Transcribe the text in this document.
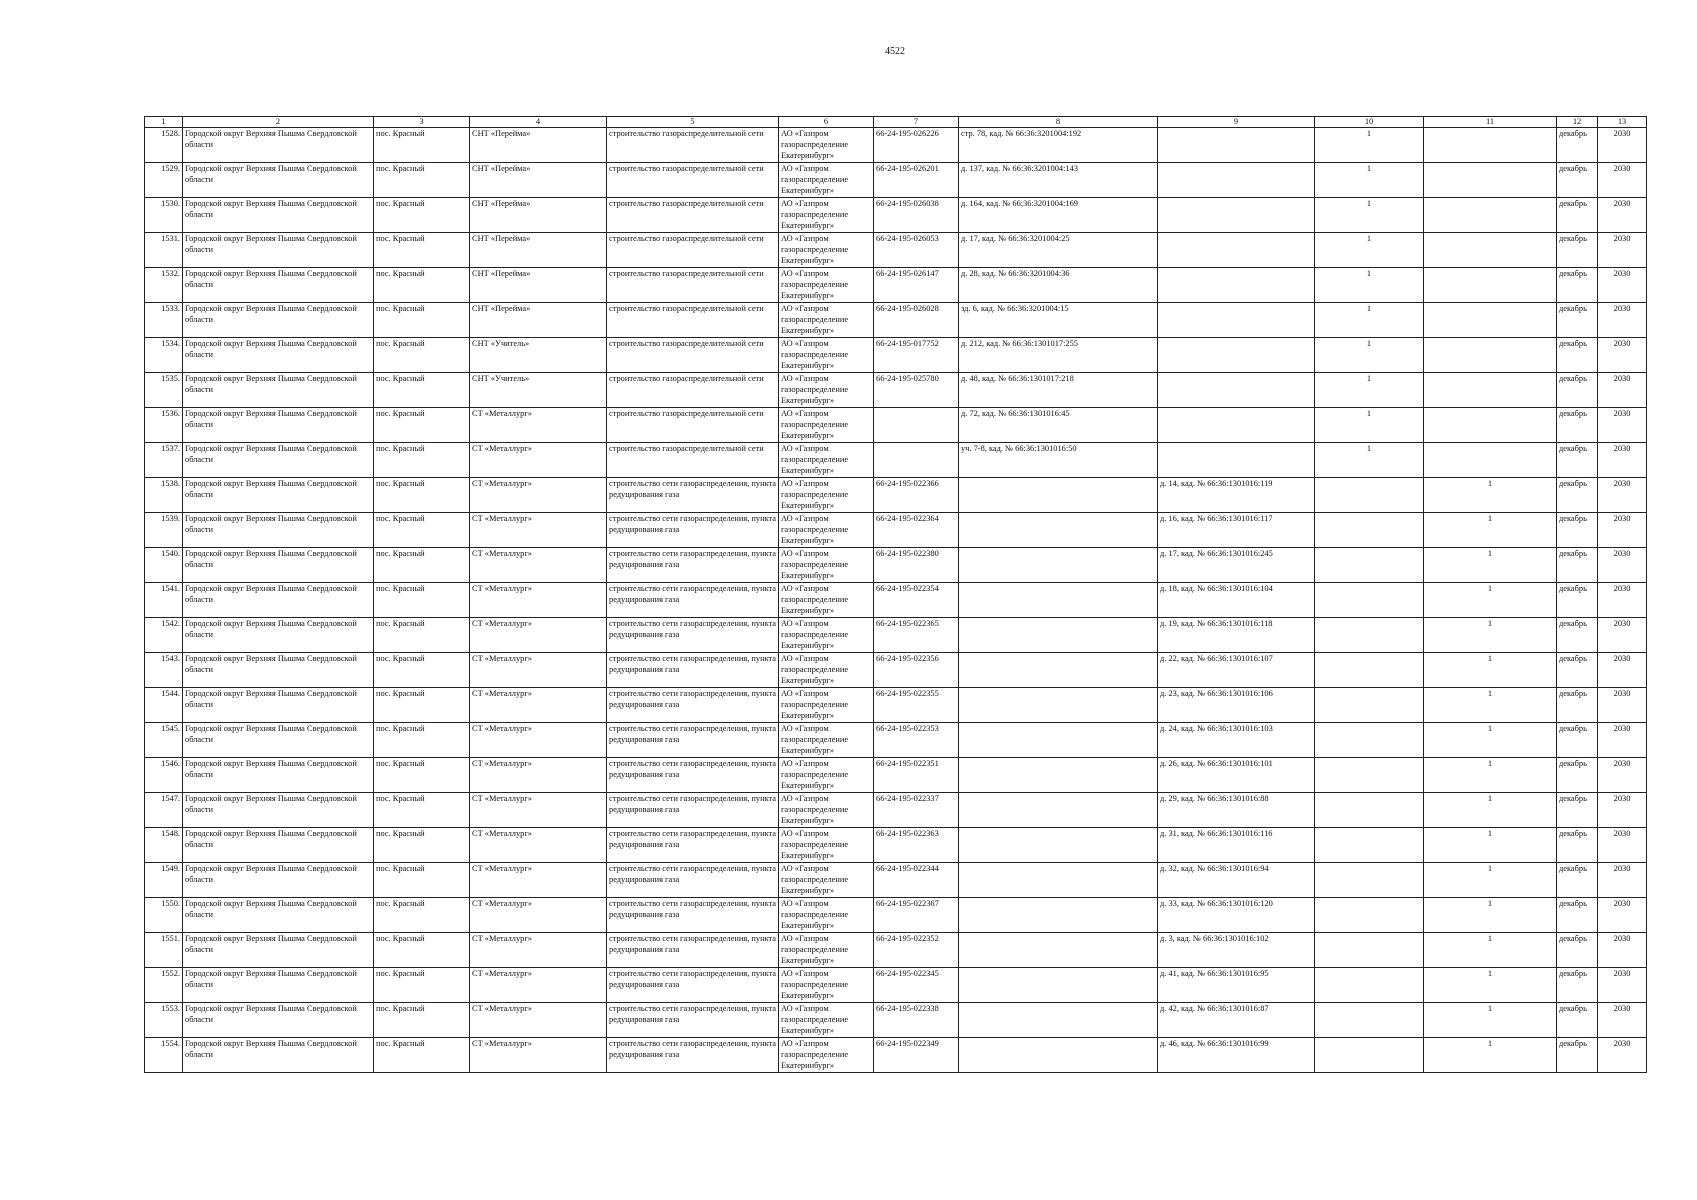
4522
1	2	3	4	5	6	7	8	9	10	11	12	13
1528.	Городской округ Верхняя Пышма Свердловской области	пос. Красный	СНТ «Перейма»	строительство газораспределительной сети	АО «Газпром газораспределение Екатеринбург»	66-24-195-026226	стр. 78, кад. № 66:36:3201004:192		1		декабрь	2030
1529.	Городской округ Верхняя Пышма Свердловской области	пос. Красный	СНТ «Перейма»	строительство газораспределительной сети	АО «Газпром газораспределение Екатеринбург»	66-24-195-026201	д. 137, кад. № 66:36:3201004:143		1		декабрь	2030
1530.	Городской округ Верхняя Пышма Свердловской области	пос. Красный	СНТ «Перейма»	строительство газораспределительной сети	АО «Газпром газораспределение Екатеринбург»	66-24-195-026038	д. 164, кад. № 66:36:3201004:169		1		декабрь	2030
1531.	Городской округ Верхняя Пышма Свердловской области	пос. Красный	СНТ «Перейма»	строительство газораспределительной сети	АО «Газпром газораспределение Екатеринбург»	66-24-195-026053	д. 17, кад. № 66:36:3201004:25		1		декабрь	2030
1532.	Городской округ Верхняя Пышма Свердловской области	пос. Красный	СНТ «Перейма»	строительство газораспределительной сети	АО «Газпром газораспределение Екатеринбург»	66-24-195-026147	д. 28, кад. № 66:36:3201004:36		1		декабрь	2030
1533.	Городской округ Верхняя Пышма Свердловской области	пос. Красный	СНТ «Перейма»	строительство газораспределительной сети	АО «Газпром газораспределение Екатеринбург»	66-24-195-026028	зд. 6, кад. № 66:36:3201004:15		1		декабрь	2030
1534.	Городской округ Верхняя Пышма Свердловской области	пос. Красный	СНТ «Учитель»	строительство газораспределительной сети	АО «Газпром газораспределение Екатеринбург»	66-24-195-017752	д. 212, кад. № 66:36:1301017:255		1		декабрь	2030
1535.	Городской округ Верхняя Пышма Свердловской области	пос. Красный	СНТ «Учитель»	строительство газораспределительной сети	АО «Газпром газораспределение Екатеринбург»	66-24-195-025780	д. 48, кад. № 66:36:1301017:218		1		декабрь	2030
1536.	Городской округ Верхняя Пышма Свердловской области	пос. Красный	СТ «Металлург»	строительство газораспределительной сети	АО «Газпром газораспределение Екатеринбург»		д. 72, кад. № 66:36:1301016:45		1		декабрь	2030
1537.	Городской округ Верхняя Пышма Свердловской области	пос. Красный	СТ «Металлург»	строительство газораспределительной сети	АО «Газпром газораспределение Екатеринбург»		уч. 7-8, кад. № 66:36:1301016:50		1		декабрь	2030
1538.	Городской округ Верхняя Пышма Свердловской области	пос. Красный	СТ «Металлург»	строительство сети газораспределения, пункта редуцирования газа	АО «Газпром газораспределение Екатеринбург»	66-24-195-022366		д. 14, кад. № 66:36:1301016:119		1	декабрь	2030
1539.	Городской округ Верхняя Пышма Свердловской области	пос. Красный	СТ «Металлург»	строительство сети газораспределения, пункта редуцирования газа	АО «Газпром газораспределение Екатеринбург»	66-24-195-022364		д. 16, кад. № 66:36:1301016:117		1	декабрь	2030
1540.	Городской округ Верхняя Пышма Свердловской области	пос. Красный	СТ «Металлург»	строительство сети газораспределения, пункта редуцирования газа	АО «Газпром газораспределение Екатеринбург»	66-24-195-022380		д. 17, кад. № 66:36:1301016:245		1	декабрь	2030
1541.	Городской округ Верхняя Пышма Свердловской области	пос. Красный	СТ «Металлург»	строительство сети газораспределения, пункта редуцирования газа	АО «Газпром газораспределение Екатеринбург»	66-24-195-022354		д. 18, кад. № 66:36:1301016:104		1	декабрь	2030
1542.	Городской округ Верхняя Пышма Свердловской области	пос. Красный	СТ «Металлург»	строительство сети газораспределения, пункта редуцирования газа	АО «Газпром газораспределение Екатеринбург»	66-24-195-022365		д. 19, кад. № 66:36:1301016:118		1	декабрь	2030
1543.	Городской округ Верхняя Пышма Свердловской области	пос. Красный	СТ «Металлург»	строительство сети газораспределения, пункта редуцирования газа	АО «Газпром газораспределение Екатеринбург»	66-24-195-022356		д. 22, кад. № 66:36:1301016:107		1	декабрь	2030
1544.	Городской округ Верхняя Пышма Свердловской области	пос. Красный	СТ «Металлург»	строительство сети газораспределения, пункта редуцирования газа	АО «Газпром газораспределение Екатеринбург»	66-24-195-022355		д. 23, кад. № 66:36:1301016:106		1	декабрь	2030
1545.	Городской округ Верхняя Пышма Свердловской области	пос. Красный	СТ «Металлург»	строительство сети газораспределения, пункта редуцирования газа	АО «Газпром газораспределение Екатеринбург»	66-24-195-022353		д. 24, кад. № 66:36:1301016:103		1	декабрь	2030
1546.	Городской округ Верхняя Пышма Свердловской области	пос. Красный	СТ «Металлург»	строительство сети газораспределения, пункта редуцирования газа	АО «Газпром газораспределение Екатеринбург»	66-24-195-022351		д. 26, кад. № 66:36:1301016:101		1	декабрь	2030
1547.	Городской округ Верхняя Пышма Свердловской области	пос. Красный	СТ «Металлург»	строительство сети газораспределения, пункта редуцирования газа	АО «Газпром газораспределение Екатеринбург»	66-24-195-022337		д. 29, кад. № 66:36:1301016:88		1	декабрь	2030
1548.	Городской округ Верхняя Пышма Свердловской области	пос. Красный	СТ «Металлург»	строительство сети газораспределения, пункта редуцирования газа	АО «Газпром газораспределение Екатеринбург»	66-24-195-022363		д. 31, кад. № 66:36:1301016:116		1	декабрь	2030
1549.	Городской округ Верхняя Пышма Свердловской области	пос. Красный	СТ «Металлург»	строительство сети газораспределения, пункта редуцирования газа	АО «Газпром газораспределение Екатеринбург»	66-24-195-022344		д. 32, кад. № 66:36:1301016:94		1	декабрь	2030
1550.	Городской округ Верхняя Пышма Свердловской области	пос. Красный	СТ «Металлург»	строительство сети газораспределения, пункта редуцирования газа	АО «Газпром газораспределение Екатеринбург»	66-24-195-022367		д. 33, кад. № 66:36:1301016:120		1	декабрь	2030
1551.	Городской округ Верхняя Пышма Свердловской области	пос. Красный	СТ «Металлург»	строительство сети газораспределения, пункта редуцирования газа	АО «Газпром газораспределение Екатеринбург»	66-24-195-022352		д. 3, кад. № 66:36:1301016:102		1	декабрь	2030
1552.	Городской округ Верхняя Пышма Свердловской области	пос. Красный	СТ «Металлург»	строительство сети газораспределения, пункта редуцирования газа	АО «Газпром газораспределение Екатеринбург»	66-24-195-022345		д. 41, кад. № 66:36:1301016:95		1	декабрь	2030
1553.	Городской округ Верхняя Пышма Свердловской области	пос. Красный	СТ «Металлург»	строительство сети газораспределения, пункта редуцирования газа	АО «Газпром газораспределение Екатеринбург»	66-24-195-022338		д. 42, кад. № 66:36:1301016:87		1	декабрь	2030
1554.	Городской округ Верхняя Пышма Свердловской области	пос. Красный	СТ «Металлург»	строительство сети газораспределения, пункта редуцирования газа	АО «Газпром газораспределение Екатеринбург»	66-24-195-022349		д. 46, кад. № 66:36:1301016:99		1	декабрь	2030
